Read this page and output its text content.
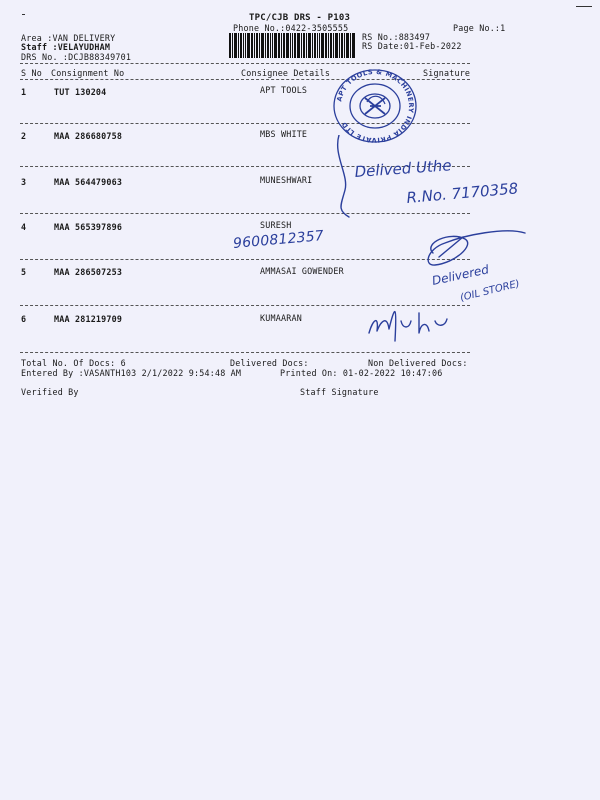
TPC/CJB DRS - P103
Phone No.:0422-3505555	Page No.:1
Area :VAN DELIVERY
Staff :VELAYUDHAM
DRS No. :DCJB88349701
RS No.:883497
RS Date:01-Feb-2022
S No Consignment No	Consignee Details	Signature
1	TUT 130204	APT TOOLS
2	MAA 286680758	MBS WHITE
3	MAA 564479063	MUNESHWARI
4	MAA 565397896	SURESH
5	MAA 286507253	AMMASAI GOWENDER
6	MAA 281219709	KUMAARAN
Total No. Of Docs: 6	Delivered Docs:	Non Delivered Docs:
Entered By :VASANTH103 2/1/2022 9:54:48 AM	Printed On: 01-02-2022 10:47:06
Verified By	Staff Signature
APT TOOLS & MACHINERY INDIA PRIVATE LTD
Delived Uthe
R.No. 7170358
Delivered
(OIL STORE)
9600812357
